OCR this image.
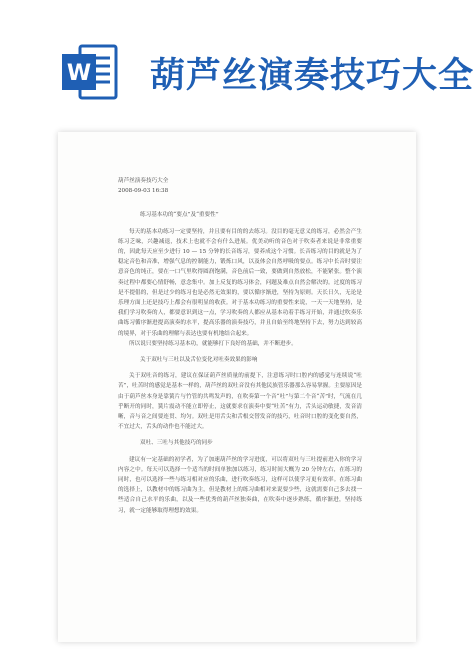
W 葫芦丝演奏技巧大全

葫芦丝演奏技巧大全

2008-09-03 16:38

练习基本功的“要点”及“重要性”

每天的基本功练习一定要坚持，并且要有目的的去练习。没目的毫无意义的练习，必然会产生练习乏味，兴趣减退，技术上也就不会有什么进展。优美动听的音色对于吹奏者来说是非常重要的，因此每天应至少进行 10 — 15 分钟的长音练习，要养成这个习惯。长音练习的目的就是为了稳定音色和音准，增强气息的控制能力，锻炼口风，以及体会自然呼吸的要点。练习中长音时要注意音色的纯正，要在一口气里吹得圆润饱满，音色前后一致，要做到自然放松，不能紧张。整个演奏过程中都要心情舒畅，意念集中。加上反复的练习体会，问题及难点自然会解决的。过度的练习是不提倡的，但是过少的练习也是必然无效果的，要以循序渐进，坚持为原则。天长日久，无论是乐理方面上还是技巧上都会有很明显的收获。对于基本功练习的重要性来说，一天一天地坚持，是我们学习吹奏的人，都要意识到这一点，学习吹奏的人都应从基本功着手练习开始，并通过吹奏乐曲练习循序渐进提高演奏的水平，提高乐器的演奏技巧，并且自始至终地坚持下去，努力达到较高的境界，对于乐曲的理解与表达也要有机地结合起来。

所以说只要坚持练习基本功，就能够打下良好的基础，并不断进步。

关于双吐与三吐以及舌位变化对吐奏效果的影响

关于双吐音的练习，建议在保证葫芦丝质量的前提下，注意练习时口腔内的感觉与连续说“吐苦”，吐苦时的感觉是基本一样的，葫芦丝的双吐音没有其他民族管乐器那么容易掌握。主要原因是由于葫芦丝本身是靠簧片与竹管的共鸣发声的，在吹奏第一个音“吐”与第二个音“苦”时，气流在几乎断开的同时，簧片震动不能立即停止，这就要求在演奏中要“吐苦”有力，舌头运动敏捷，发音清晰，音与音之间要连贯、均匀。双吐是用舌尖和舌根交替发音的技巧，吐音时口腔的变化要自然，不宜过大，舌头的动作也不能过大。

双吐、三吐与其他技巧的同步

建议有一定基础的初学者，为了加速葫芦丝的学习进度，可以将双吐与三吐提前进入你的学习内容之中。每天可以选择一个适当的时间单独加以练习，练习时间大概为 20 分钟左右，在练习的同时，也可以选择一些与练习相对应的乐曲，进行吹奏练习，这样可以使学习更有效率。在练习曲的选择上，以教材中的练习曲为主，但是教材上的练习曲相对来说要少些，这就需要自己多去找一些适合自己水平的乐曲，以及一些优秀的葫芦丝独奏曲，在吹奏中逐步熟练，循序渐进，坚持练习，就一定能够取得理想的效果。
